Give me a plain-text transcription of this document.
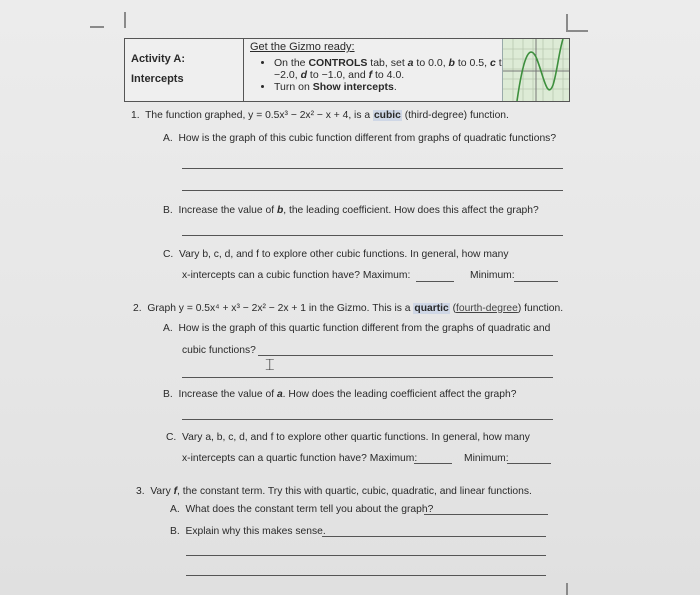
Activity A:
Intercepts
Get the Gizmo ready:
• On the CONTROLS tab, set a to 0.0, b to 0.5, c to
−2.0, d to −1.0, and f to 4.0.
• Turn on Show intercepts.
1. The function graphed, y = 0.5x³ − 2x² − x + 4, is a cubic (third-degree) function.
A. How is the graph of this cubic function different from graphs of quadratic functions?
B. Increase the value of b, the leading coefficient. How does this affect the graph?
C. Vary b, c, d, and f to explore other cubic functions. In general, how many
x-intercepts can a cubic function have? Maximum:	Minimum:
2. Graph y = 0.5x⁴ + x³ − 2x² − 2x + 1 in the Gizmo. This is a quartic (fourth-degree) function.
A. How is the graph of this quartic function different from the graphs of quadratic and
cubic functions?
⌶
B. Increase the value of a. How does the leading coefficient affect the graph?
C. Vary a, b, c, d, and f to explore other quartic functions. In general, how many
x-intercepts can a quartic function have? Maximum:	Minimum:
3. Vary f, the constant term. Try this with quartic, cubic, quadratic, and linear functions.
A. What does the constant term tell you about the graph?
B. Explain why this makes sense.
